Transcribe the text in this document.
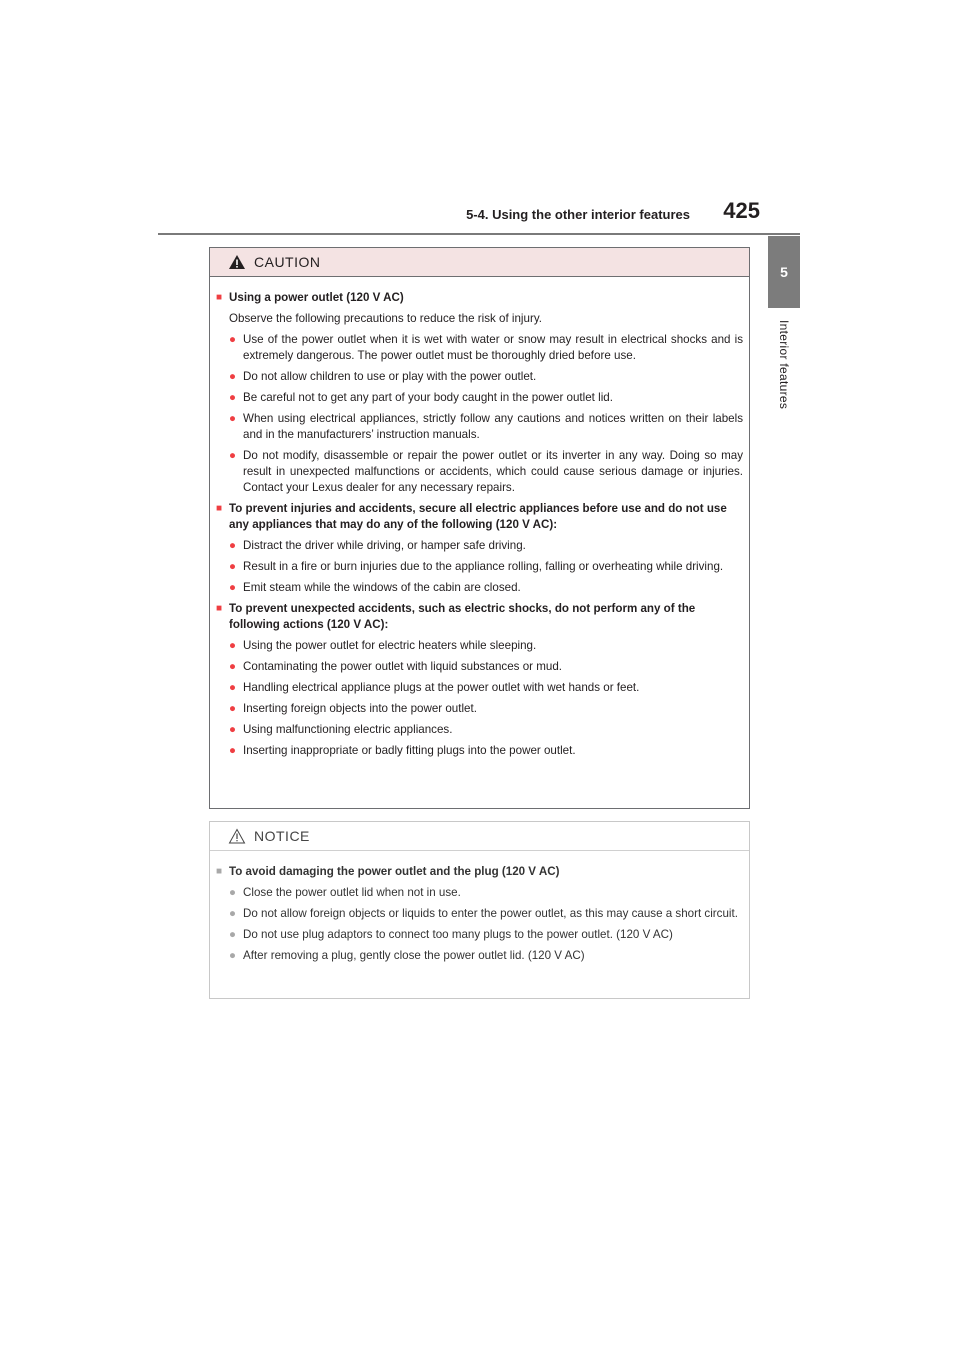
5-4. Using the other interior features	425
5
Interior features
CAUTION
■ Using a power outlet (120 V AC)
Observe the following precautions to reduce the risk of injury.
● Use of the power outlet when it is wet with water or snow may result in electrical shocks and is extremely dangerous. The power outlet must be thoroughly dried before use.
● Do not allow children to use or play with the power outlet.
● Be careful not to get any part of your body caught in the power outlet lid.
● When using electrical appliances, strictly follow any cautions and notices written on their labels and in the manufacturers’ instruction manuals.
● Do not modify, disassemble or repair the power outlet or its inverter in any way. Doing so may result in unexpected malfunctions or accidents, which could cause serious damage or injuries. Contact your Lexus dealer for any necessary repairs.
■ To prevent injuries and accidents, secure all electric appliances before use and do not use any appliances that may do any of the following (120 V AC):
● Distract the driver while driving, or hamper safe driving.
● Result in a fire or burn injuries due to the appliance rolling, falling or overheating while driving.
● Emit steam while the windows of the cabin are closed.
■ To prevent unexpected accidents, such as electric shocks, do not perform any of the following actions (120 V AC):
● Using the power outlet for electric heaters while sleeping.
● Contaminating the power outlet with liquid substances or mud.
● Handling electrical appliance plugs at the power outlet with wet hands or feet.
● Inserting foreign objects into the power outlet.
● Using malfunctioning electric appliances.
● Inserting inappropriate or badly fitting plugs into the power outlet.
NOTICE
■ To avoid damaging the power outlet and the plug (120 V AC)
● Close the power outlet lid when not in use.
● Do not allow foreign objects or liquids to enter the power outlet, as this may cause a short circuit.
● Do not use plug adaptors to connect too many plugs to the power outlet. (120 V AC)
● After removing a plug, gently close the power outlet lid. (120 V AC)
